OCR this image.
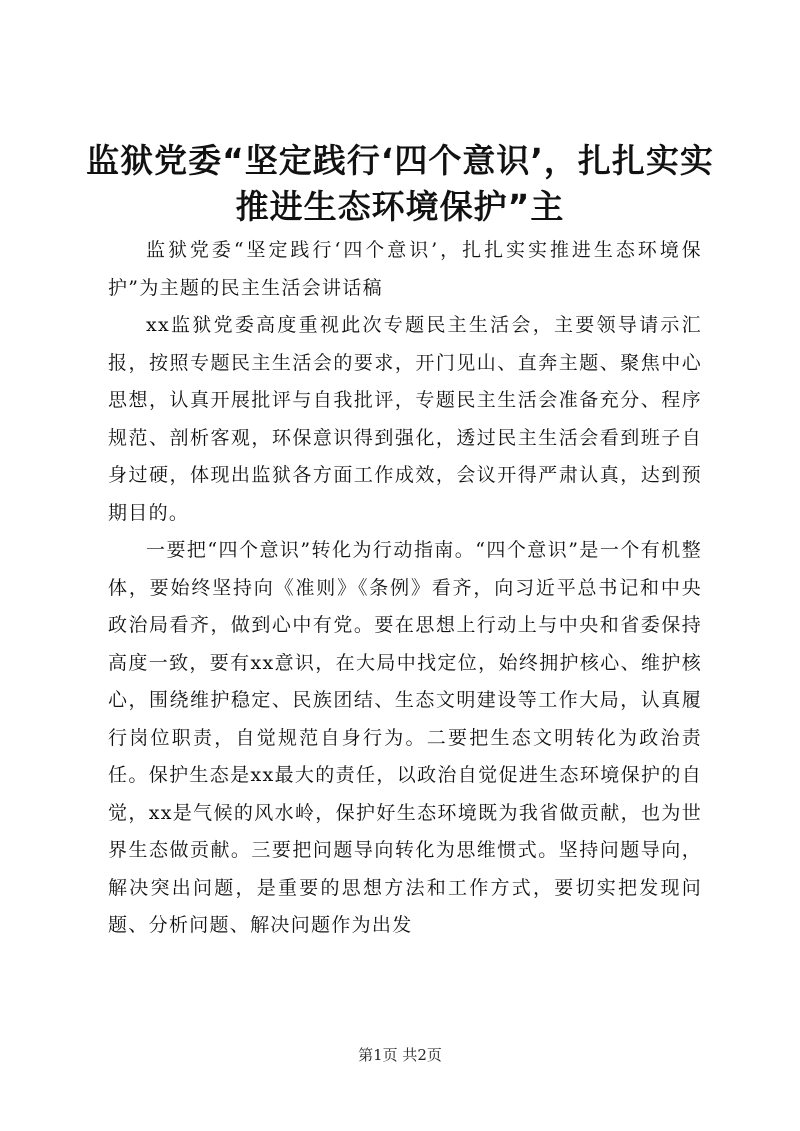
监狱党委“坚定践行‘四个意识’，扎扎实实
推进生态环境保护”主

监狱党委“坚定践行‘四个意识’，扎扎实实推进生态环境保护”为主题的民主生活会讲话稿

xx监狱党委高度重视此次专题民主生活会，主要领导请示汇报，按照专题民主生活会的要求，开门见山、直奔主题、聚焦中心思想，认真开展批评与自我批评，专题民主生活会准备充分、程序规范、剖析客观，环保意识得到强化，透过民主生活会看到班子自身过硬，体现出监狱各方面工作成效，会议开得严肃认真，达到预期目的。

一要把“四个意识”转化为行动指南。“四个意识”是一个有机整体，要始终坚持向《准则》《条例》看齐，向习近平总书记和中央政治局看齐，做到心中有党。要在思想上行动上与中央和省委保持高度一致，要有xx意识，在大局中找定位，始终拥护核心、维护核心，围绕维护稳定、民族团结、生态文明建设等工作大局，认真履行岗位职责，自觉规范自身行为。二要把生态文明转化为政治责任。保护生态是xx最大的责任，以政治自觉促进生态环境保护的自觉，xx是气候的风水岭，保护好生态环境既为我省做贡献，也为世界生态做贡献。三要把问题导向转化为思维惯式。坚持问题导向，解决突出问题，是重要的思想方法和工作方式，要切实把发现问题、分析问题、解决问题作为出发

第1页 共2页
